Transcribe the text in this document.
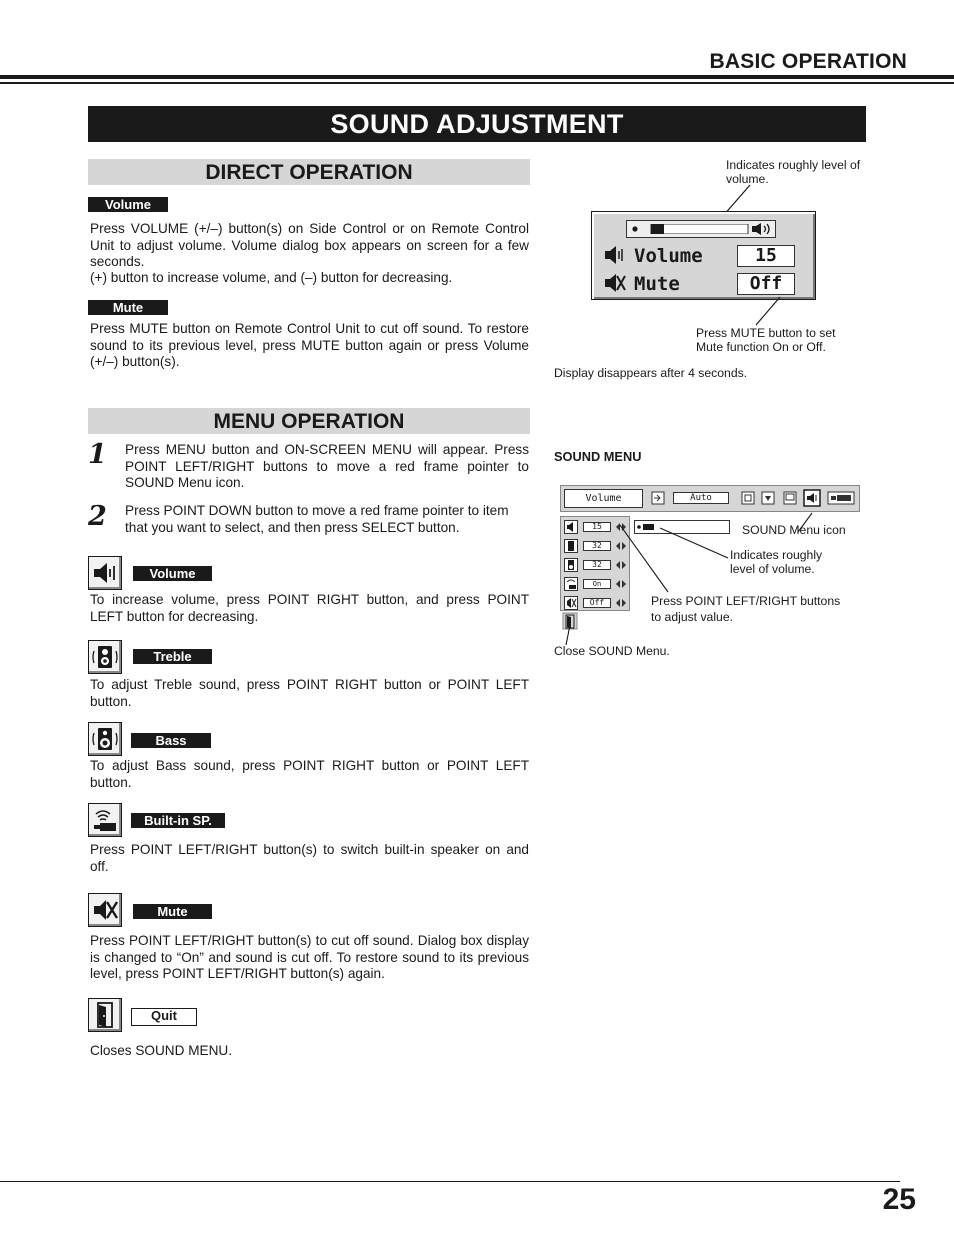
BASIC OPERATION
SOUND ADJUSTMENT
DIRECT OPERATION
Volume
Press VOLUME (+/–) button(s) on Side Control or on Remote Control Unit to adjust volume. Volume dialog box appears on screen for a few seconds.
(+) button to increase volume, and (–) button for decreasing.
Mute
Press MUTE button on Remote Control Unit to cut off sound. To restore sound to its previous level, press MUTE button again or press Volume (+/–) button(s).
Indicates roughly level of volume.
Volume	15
Mute	Off
Press MUTE button to set Mute function On or Off.
Display disappears after 4 seconds.
MENU OPERATION
1 Press MENU button and ON-SCREEN MENU will appear. Press POINT LEFT/RIGHT buttons to move a red frame pointer to SOUND Menu icon.
2 Press POINT DOWN button to move a red frame pointer to item that you want to select, and then press SELECT button.
Volume
To increase volume, press POINT RIGHT button, and press POINT LEFT button for decreasing.
Treble
To adjust Treble sound, press POINT RIGHT button or POINT LEFT button.
Bass
To adjust Bass sound, press POINT RIGHT button or POINT LEFT button.
Built-in SP.
Press POINT LEFT/RIGHT button(s) to switch built-in speaker on and off.
Mute
Press POINT LEFT/RIGHT button(s) to cut off sound. Dialog box display is changed to “On” and sound is cut off. To restore sound to its previous level, press POINT LEFT/RIGHT button(s) again.
Quit
Closes SOUND MENU.
SOUND MENU
Volume	Auto
15
32
32
On
Off
SOUND Menu icon
Indicates roughly level of volume.
Press POINT LEFT/RIGHT buttons to adjust value.
Close SOUND Menu.
25
